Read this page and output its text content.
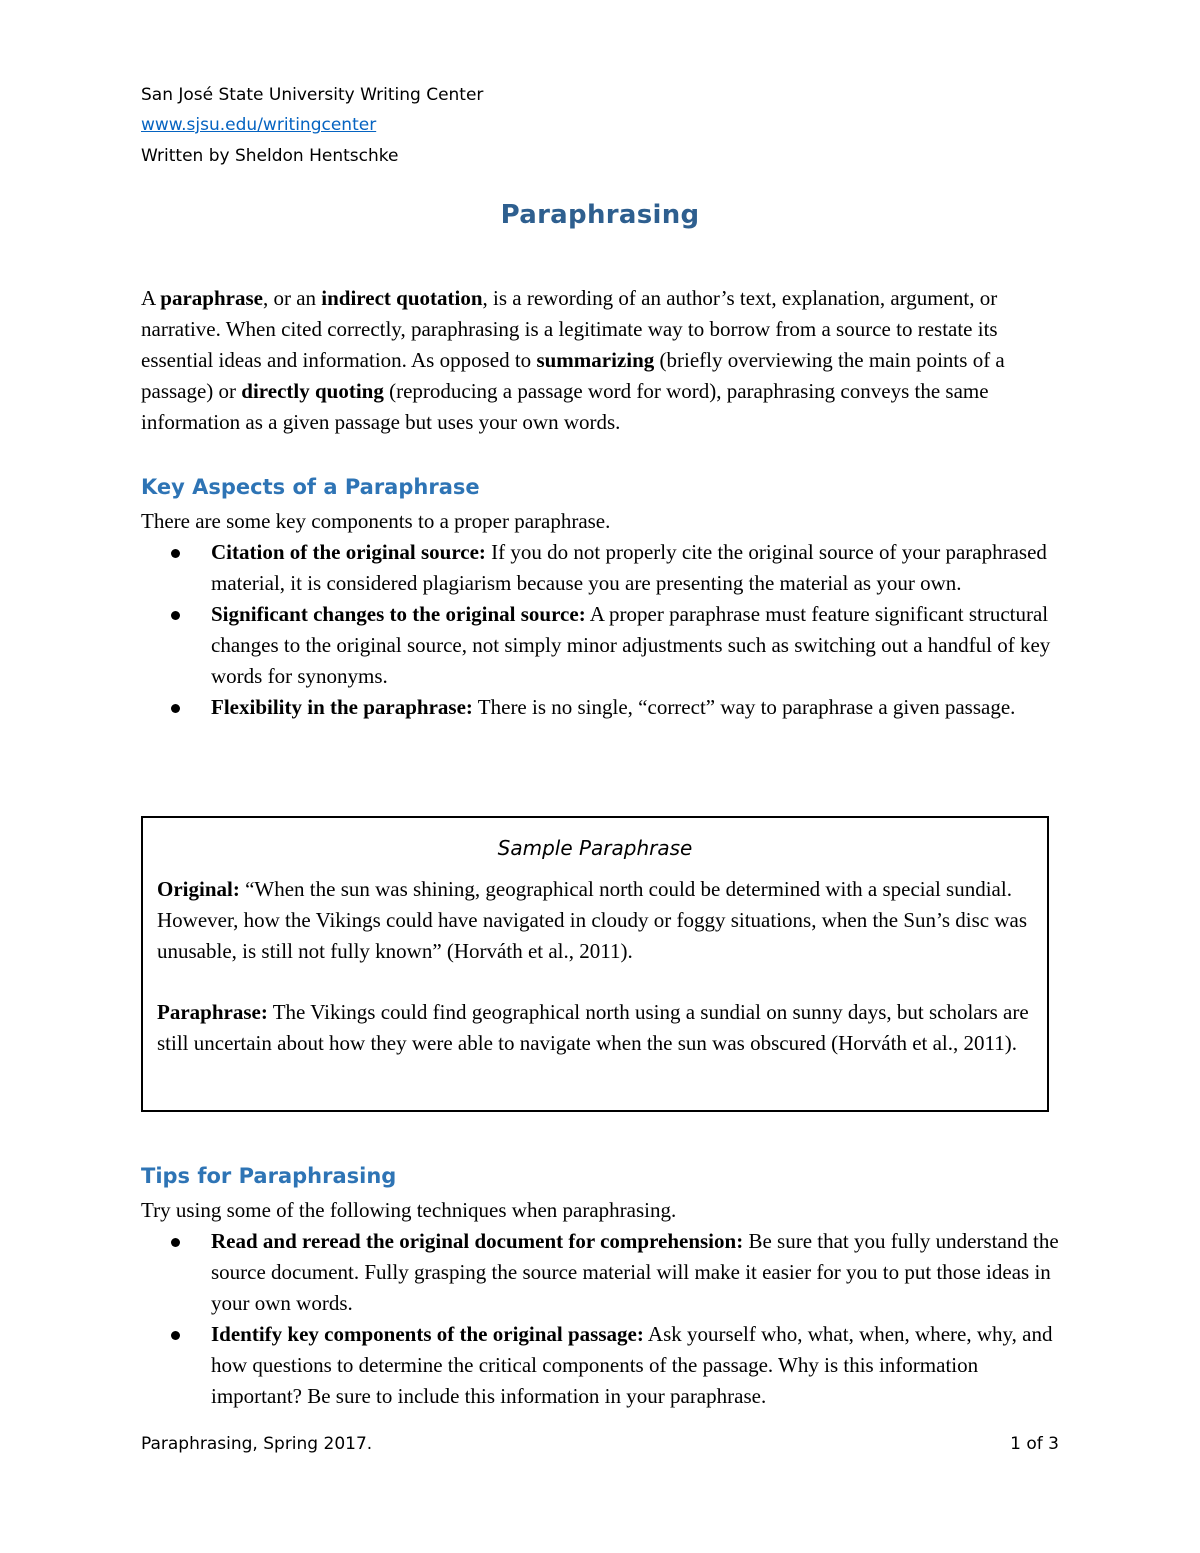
San José State University Writing Center
www.sjsu.edu/writingcenter
Written by Sheldon Hentschke
Paraphrasing

A paraphrase, or an indirect quotation, is a rewording of an author’s text, explanation, argument, or narrative. When cited correctly, paraphrasing is a legitimate way to borrow from a source to restate its essential ideas and information. As opposed to summarizing (briefly overviewing the main points of a passage) or directly quoting (reproducing a passage word for word), paraphrasing conveys the same information as a given passage but uses your own words.

Key Aspects of a Paraphrase
There are some key components to a proper paraphrase.
Citation of the original source: If you do not properly cite the original source of your paraphrased material, it is considered plagiarism because you are presenting the material as your own.
Significant changes to the original source: A proper paraphrase must feature significant structural changes to the original source, not simply minor adjustments such as switching out a handful of key words for synonyms.
Flexibility in the paraphrase: There is no single, “correct” way to paraphrase a given passage.
Sample Paraphrase

Original: “When the sun was shining, geographical north could be determined with a special sundial. However, how the Vikings could have navigated in cloudy or foggy situations, when the Sun’s disc was unusable, is still not fully known” (Horváth et al., 2011).

Paraphrase: The Vikings could find geographical north using a sundial on sunny days, but scholars are still uncertain about how they were able to navigate when the sun was obscured (Horváth et al., 2011).

Tips for Paraphrasing
Try using some of the following techniques when paraphrasing.
Read and reread the original document for comprehension: Be sure that you fully understand the source document. Fully grasping the source material will make it easier for you to put those ideas in your own words.
Identify key components of the original passage: Ask yourself who, what, when, where, why, and how questions to determine the critical components of the passage. Why is this information important? Be sure to include this information in your paraphrase.
Paraphrasing, Spring 2017.	1 of 3
